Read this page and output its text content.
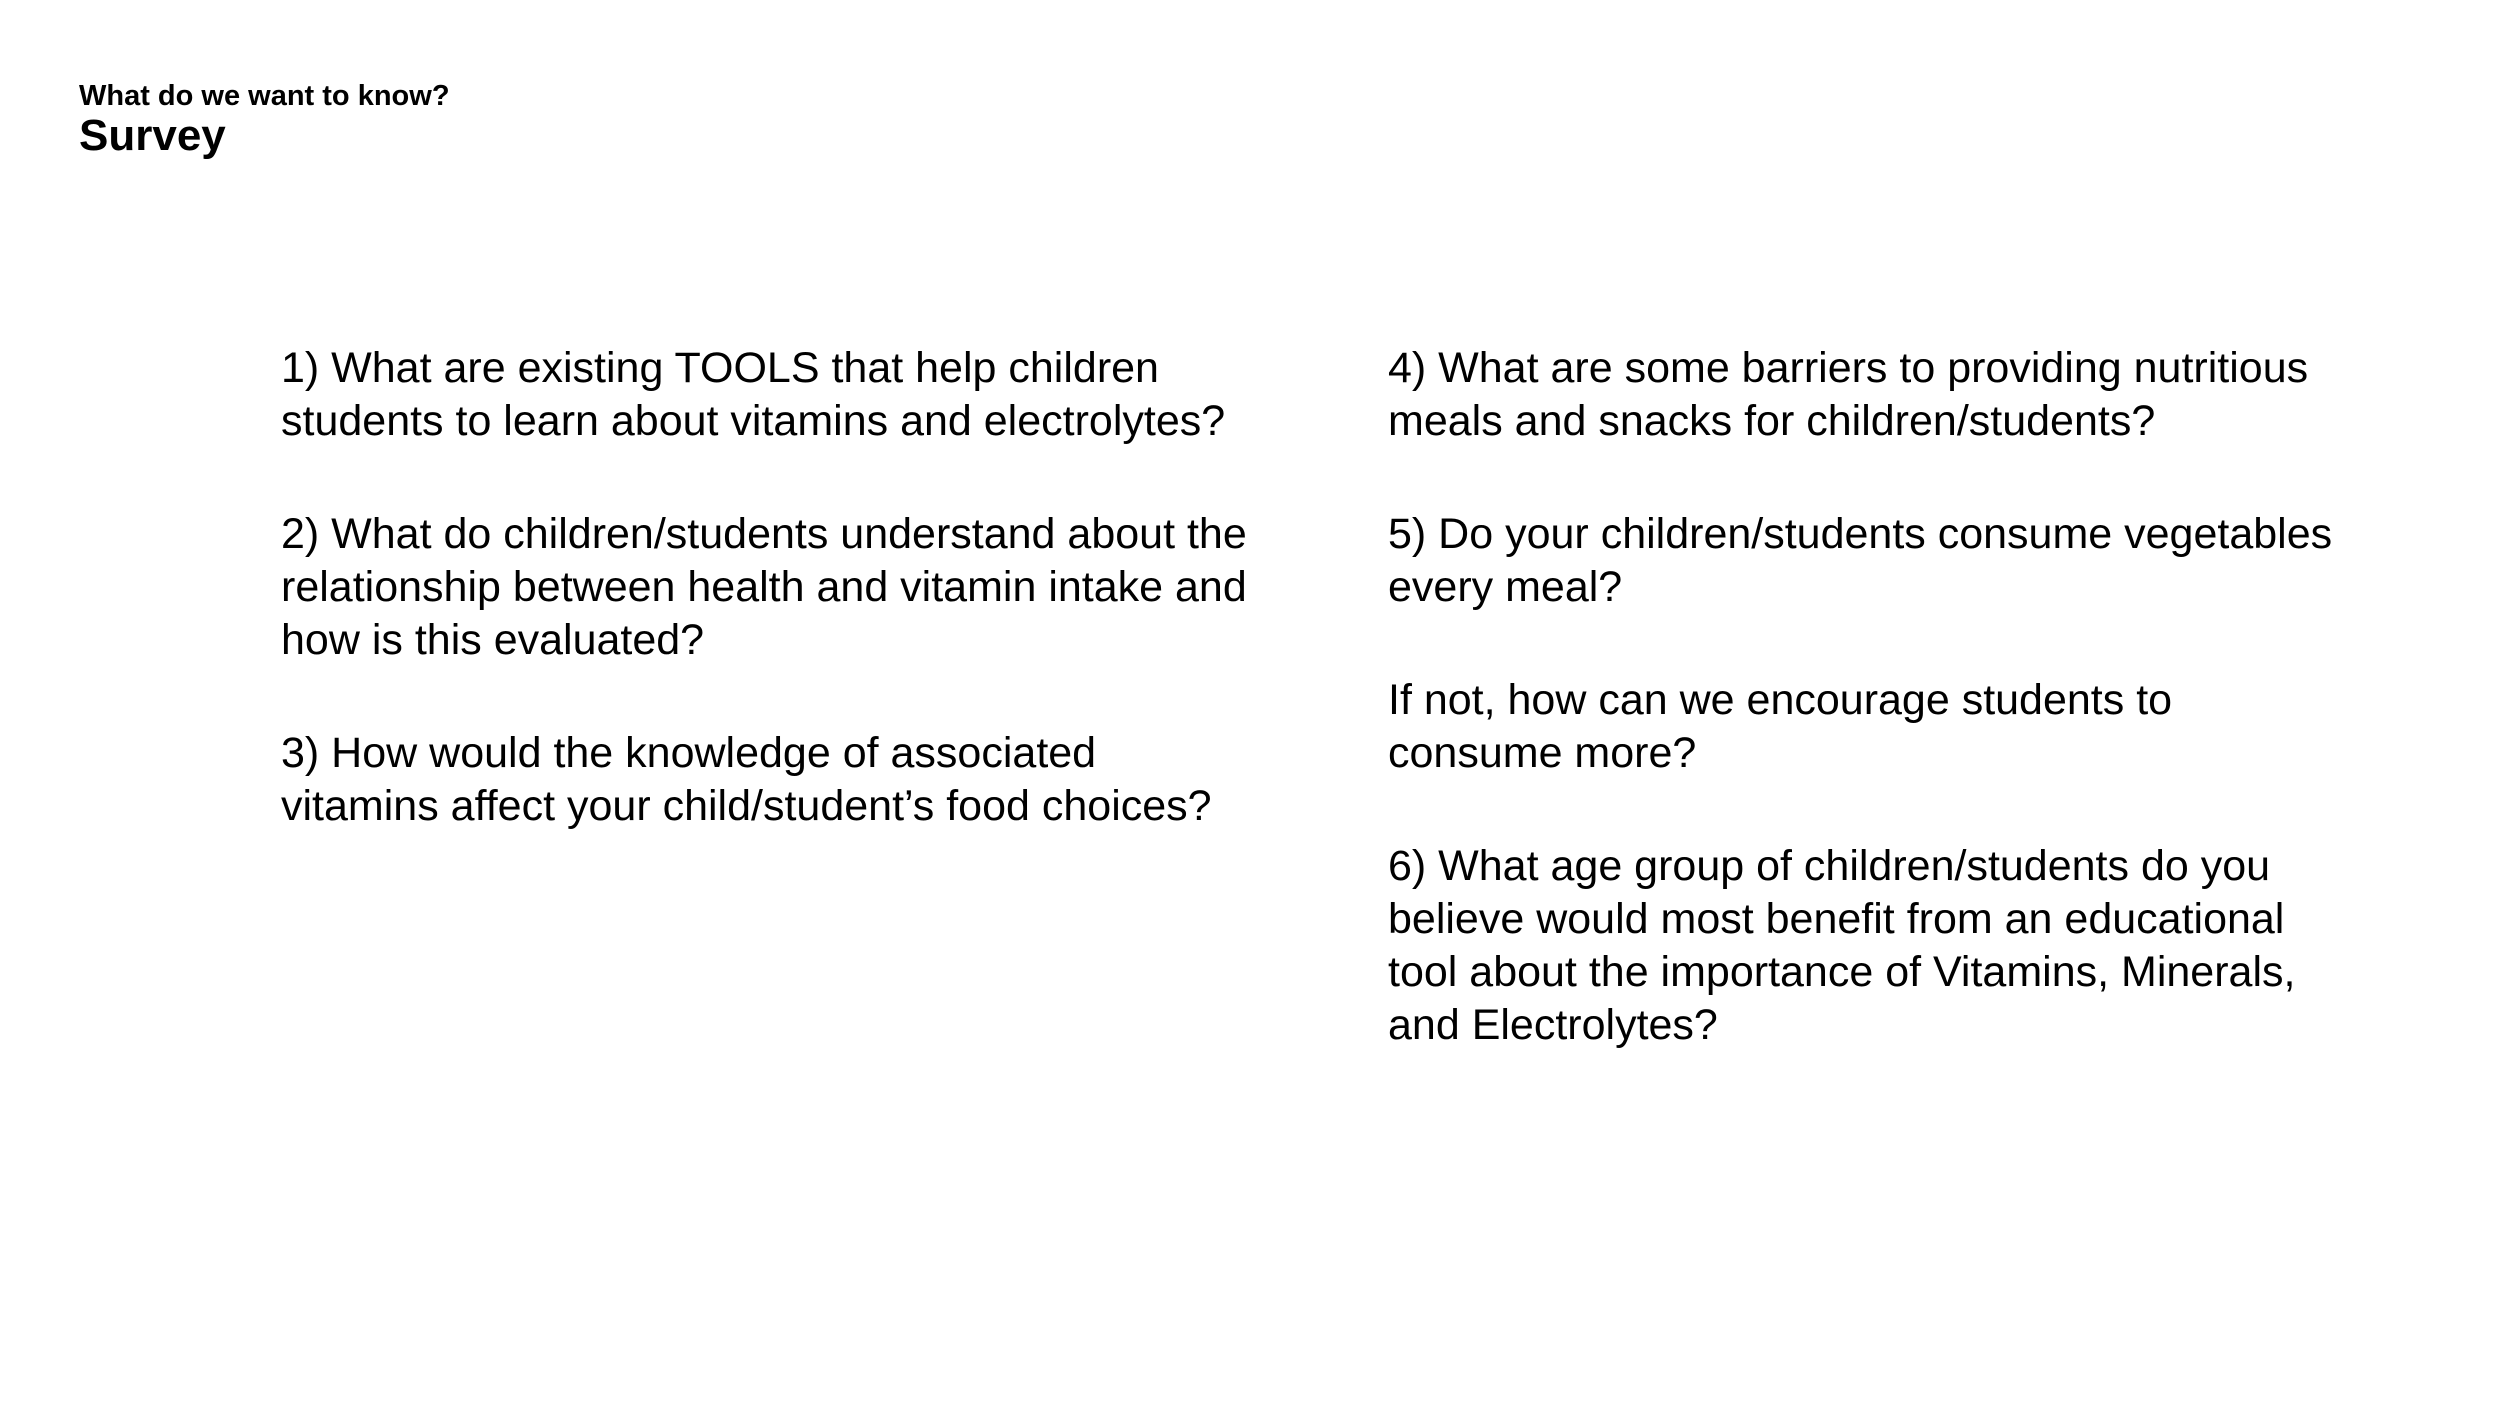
What do we want to know?
Survey

1) What are existing TOOLS that help children
students to learn about vitamins and electrolytes?

2) What do children/students understand about the
relationship between health and vitamin intake and
how is this evaluated?

3) How would the knowledge of associated
vitamins affect your child/student’s food choices?

4) What are some barriers to providing nutritious
meals and snacks for children/students?

5) Do your children/students consume vegetables
every meal?

If not, how can we encourage students to
consume more?

6) What age group of children/students do you
believe would most benefit from an educational
tool about the importance of Vitamins, Minerals,
and Electrolytes?
